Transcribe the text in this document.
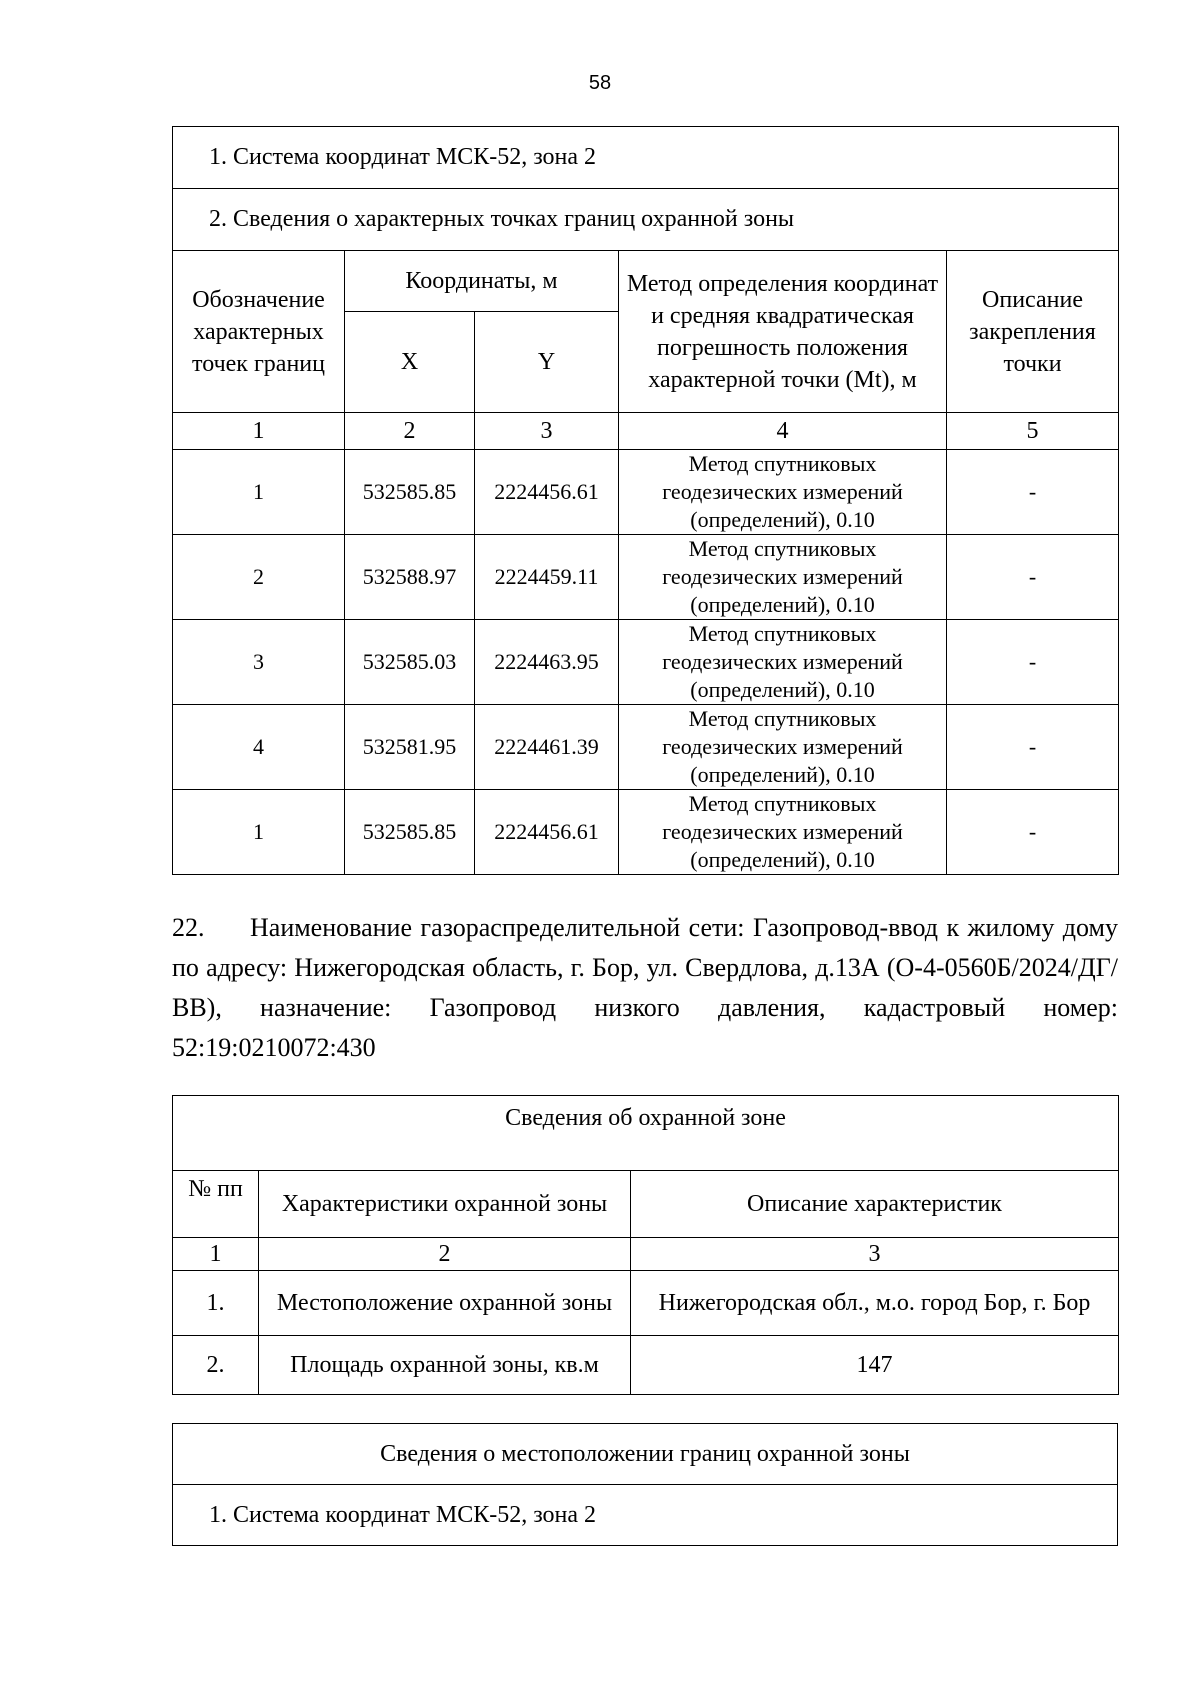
58
1. Система координат МСК-52, зона 2				
2. Сведения о характерных точках границ охранной зоны				
Обозначение характерных точек границ	Координаты, м		Метод определения координат и средняя квадратическая погрешность положения характерной точки (Mt), м	Описание закрепления точки
	X	Y		
1	2	3	4	5
1	532585.85	2224456.61	Метод спутниковых геодезических измерений (определений), 0.10	-
2	532588.97	2224459.11	Метод спутниковых геодезических измерений (определений), 0.10	-
3	532585.03	2224463.95	Метод спутниковых геодезических измерений (определений), 0.10	-
4	532581.95	2224461.39	Метод спутниковых геодезических измерений (определений), 0.10	-
1	532585.85	2224456.61	Метод спутниковых геодезических измерений (определений), 0.10	-

22. Наименование газораспределительной сети: Газопровод-ввод к жилому дому по адресу: Нижегородская область, г. Бор, ул. Свердлова, д.13А (О-4-0560Б/2024/ДГ/ВВ), назначение: Газопровод низкого давления, кадастровый номер: 52:19:0210072:430

Сведения об охранной зоне		
№ пп	Характеристики охранной зоны	Описание характеристик
1	2	3
1.	Местоположение охранной зоны	Нижегородская обл., м.о. город Бор, г. Бор
2.	Площадь охранной зоны, кв.м	147
Сведения о местоположении границ охранной зоны
1. Система координат МСК-52, зона 2
